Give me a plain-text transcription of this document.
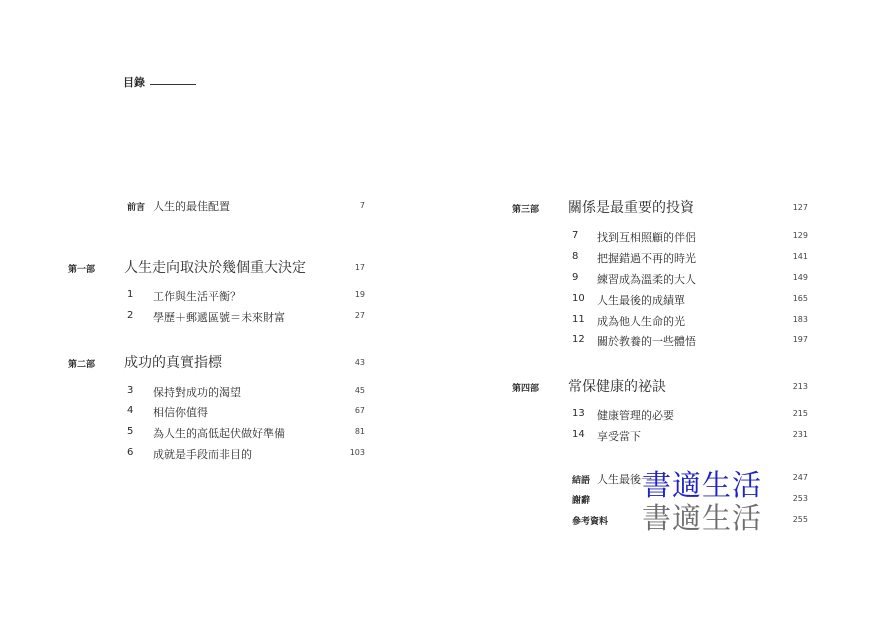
目錄
前言 人生的最佳配置	7
第一部 人生走向取決於幾個重大決定	17
1 工作與生活平衡？	19
2 學歷＋郵遞區號＝未來財富	27
第二部 成功的真實指標	43
3 保持對成功的渴望	45
4 相信你值得	67
5 為人生的高低起伏做好準備	81
6 成就是手段而非目的	103
第三部 關係是最重要的投資	127
7 找到互相照顧的伴侶	129
8 把握錯過不再的時光	141
9 練習成為溫柔的大人	149
10 人生最後的成績單	165
11 成為他人生命的光	183
12 關於教養的一些體悟	197
第四部 常保健康的祕訣	213
13 健康管理的必要	215
14 享受當下	231
結語 人生最後一	247
謝辭	253
參考資料	255
書適生活
書適生活
